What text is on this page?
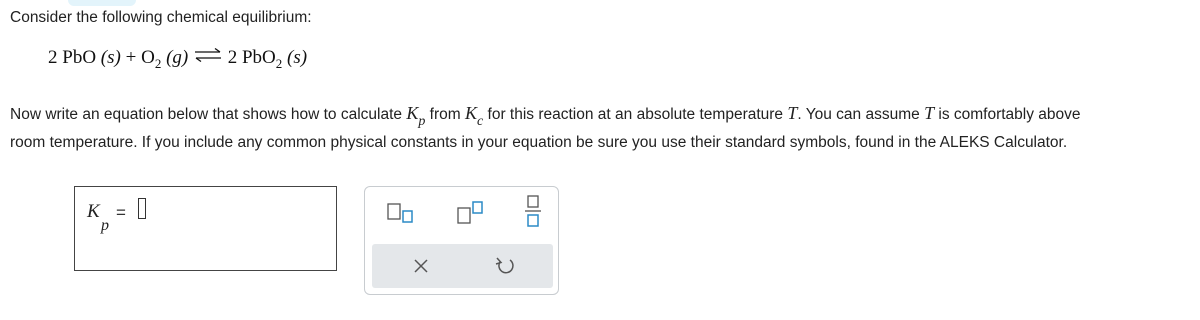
Consider the following chemical equilibrium:
2 PbO $(s) + O_2$ (g) ⇌ 2 PbO$_2$ (s)
Now write an equation below that shows how to calculate $K_p$ from $K_c$ for this reaction at an absolute temperature T. You can assume T is comfortably above
room temperature. If you include any common physical constants in your equation be sure you use their standard symbols, found in the ALEKS Calculator.
K
p
=
